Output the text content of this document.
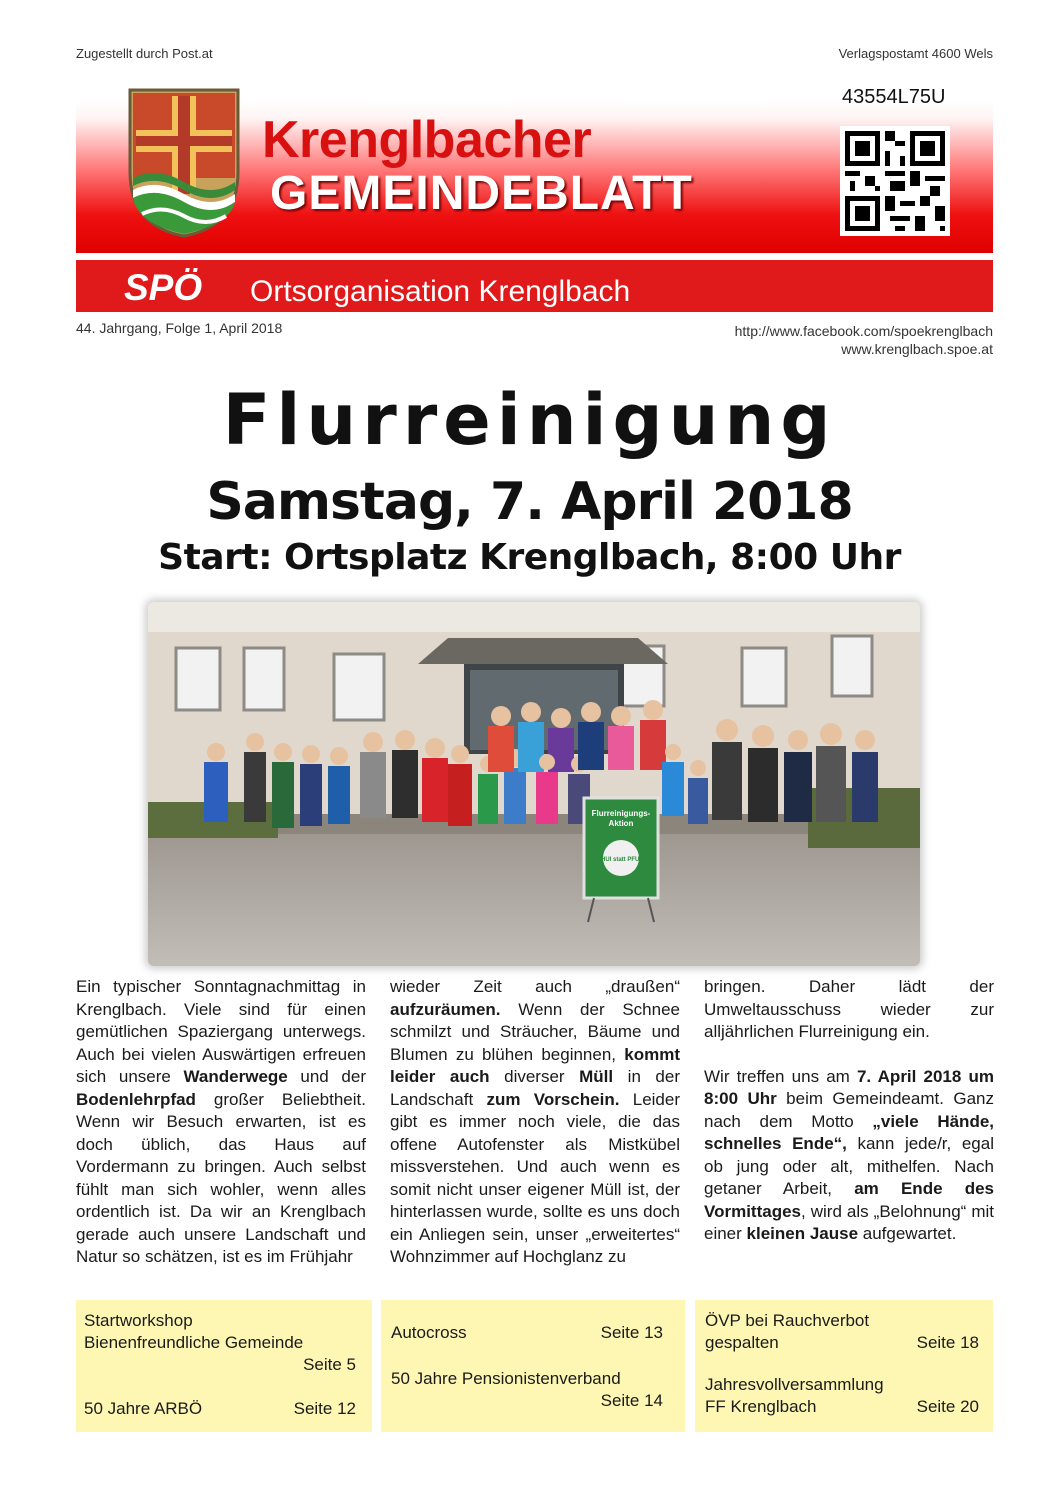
Zugestellt durch Post.at	Verlagspostamt 4600 Wels
Krenglbacher
GEMEINDEBLATT
43554L75U
SPÖ Ortsorganisation Krenglbach
44. Jahrgang, Folge 1, April 2018	http://www.facebook.com/spoekrenglbach
www.krenglbach.spoe.at
Flurreinigung
Samstag, 7. April 2018
Start: Ortsplatz Krenglbach, 8:00 Uhr
Flurreinigungs-
Aktion
HUI statt PFUI

Ein typischer Sonntagnachmittag in Krenglbach. Viele sind für einen gemütlichen Spaziergang unterwegs. Auch bei vielen Auswärtigen erfreuen sich unsere Wanderwege und der Bodenlehrpfad großer Beliebtheit. Wenn wir Besuch erwarten, ist es doch üblich, das Haus auf Vordermann zu bringen. Auch selbst fühlt man sich wohler, wenn alles ordentlich ist. Da wir an Krenglbach gerade auch unsere Landschaft und Natur so schätzen, ist es im Frühjahr

wieder Zeit auch „draußen“ aufzuräumen. Wenn der Schnee schmilzt und Sträucher, Bäume und Blumen zu blühen beginnen, kommt leider auch diverser Müll in der Landschaft zum Vorschein. Leider gibt es immer noch viele, die das offene Autofenster als Mistkübel missverstehen. Und auch wenn es somit nicht unser eigener Müll ist, der hinterlassen wurde, sollte es uns doch ein Anliegen sein, unser „erweitertes“ Wohnzimmer auf Hochglanz zu

bringen. Daher lädt der Umweltausschuss wieder zur alljährlichen Flurreinigung ein.

Wir treffen uns am 7. April 2018 um 8:00 Uhr beim Gemeindeamt. Ganz nach dem Motto „viele Hände, schnelles Ende“, kann jede/r, egal ob jung oder alt, mithelfen. Nach getaner Arbeit, am Ende des Vormittages, wird als „Belohnung“ mit einer kleinen Jause aufgewartet.

Startworkshop
Bienenfreundliche Gemeinde
Seite 5
50 Jahre ARBÖ	Seite 12
Autocross	Seite 13
50 Jahre Pensionistenverband
Seite 14
ÖVP bei Rauchverbot
gespalten	Seite 18
Jahresvollversammlung
FF Krenglbach	Seite 20
